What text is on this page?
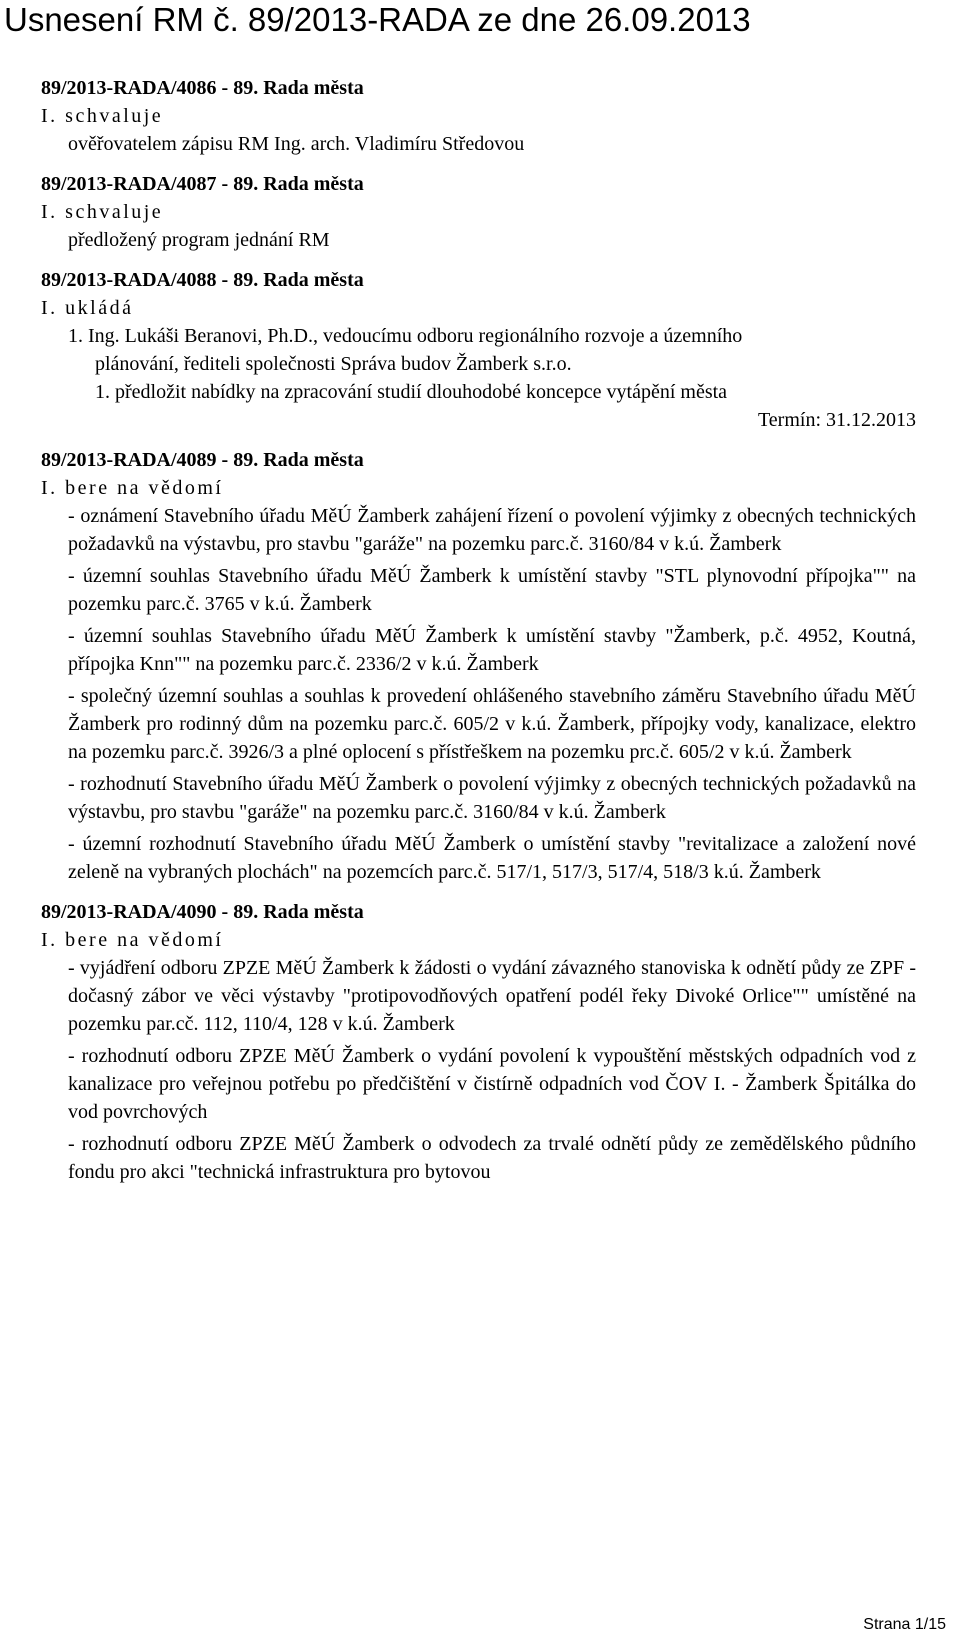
Usnesení RM č. 89/2013-RADA ze dne 26.09.2013
89/2013-RADA/4086 - 89. Rada města
I. schvaluje
ověřovatelem zápisu RM Ing. arch. Vladimíru Středovou
89/2013-RADA/4087 - 89. Rada města
I. schvaluje
předložený program jednání RM
89/2013-RADA/4088 - 89. Rada města
I. ukládá
1. Ing. Lukáši Beranovi, Ph.D., vedoucímu odboru regionálního rozvoje a územního
plánování, řediteli společnosti Správa budov Žamberk s.r.o.
1. předložit nabídky na zpracování studií dlouhodobé koncepce vytápění města
Termín: 31.12.2013
89/2013-RADA/4089 - 89. Rada města
I. bere na vědomí

- oznámení Stavebního úřadu MěÚ Žamberk zahájení řízení o povolení výjimky z obecných technických požadavků na výstavbu, pro stavbu "garáže" na pozemku parc.č. 3160/84 v k.ú. Žamberk

- územní souhlas Stavebního úřadu MěÚ Žamberk k umístění stavby "STL plynovodní přípojka"" na pozemku parc.č. 3765 v k.ú. Žamberk

- územní souhlas Stavebního úřadu MěÚ Žamberk k umístění stavby "Žamberk, p.č. 4952, Koutná, přípojka Knn"" na pozemku parc.č. 2336/2 v k.ú. Žamberk

- společný územní souhlas a souhlas k provedení ohlášeného stavebního záměru Stavebního úřadu MěÚ Žamberk pro rodinný dům na pozemku parc.č. 605/2 v k.ú. Žamberk, přípojky vody, kanalizace, elektro na pozemku parc.č. 3926/3 a plné oplocení s přístřeškem na pozemku prc.č. 605/2 v k.ú. Žamberk

- rozhodnutí Stavebního úřadu MěÚ Žamberk o povolení výjimky z obecných technických požadavků na výstavbu, pro stavbu "garáže" na pozemku parc.č. 3160/84 v k.ú. Žamberk

- územní rozhodnutí Stavebního úřadu MěÚ Žamberk o umístění stavby "revitalizace a založení nové zeleně na vybraných plochách" na pozemcích parc.č. 517/1, 517/3, 517/4, 518/3 k.ú. Žamberk

89/2013-RADA/4090 - 89. Rada města
I. bere na vědomí

- vyjádření odboru ZPZE MěÚ Žamberk k žádosti o vydání závazného stanoviska k odnětí půdy ze ZPF - dočasný zábor ve věci výstavby "protipovodňových opatření podél řeky Divoké Orlice"" umístěné na pozemku par.cč. 112, 110/4, 128 v k.ú. Žamberk

- rozhodnutí odboru ZPZE MěÚ Žamberk o vydání povolení k vypouštění městských odpadních vod z kanalizace pro veřejnou potřebu po předčištění v čistírně odpadních vod ČOV I. - Žamberk Špitálka do vod povrchových

- rozhodnutí odboru ZPZE MěÚ Žamberk o odvodech za trvalé odnětí půdy ze zemědělského půdního fondu pro akci "technická infrastruktura pro bytovou

Strana 1/15
